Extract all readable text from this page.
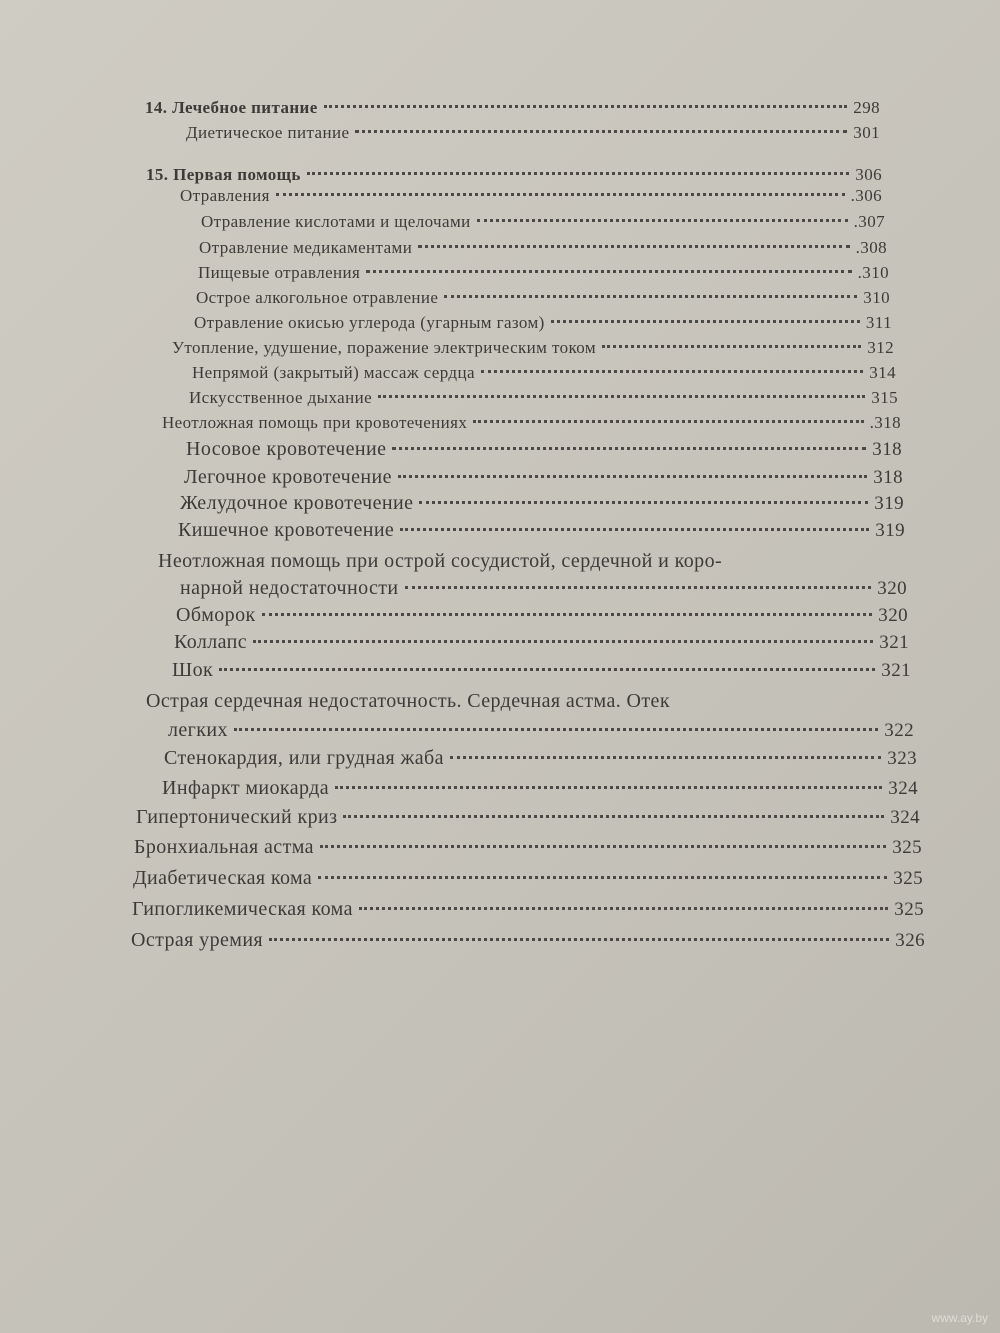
14. Лечебное питание	298
Диетическое питание	301
15. Первая помощь	306
Отравления	.306
Отравление кислотами и щелочами	.307
Отравление медикаментами	.308
Пищевые отравления	.310
Острое алкогольное отравление	310
Отравление окисью углерода (угарным газом)	311
Утопление, удушение, поражение электрическим током	312
Непрямой (закрытый) массаж сердца	314
Искусственное дыхание	315
Неотложная помощь при кровотечениях	.318
Носовое кровотечение	318
Легочное кровотечение	318
Желудочное кровотечение	319
Кишечное кровотечение	319
Неотложная помощь при острой сосудистой, сердечной и коро-
нарной недостаточности	320
Обморок	320
Коллапс	321
Шок	321
Острая сердечная недостаточность. Сердечная астма. Отек
легких	322
Стенокардия, или грудная жаба	323
Инфаркт миокарда	324
Гипертонический криз	324
Бронхиальная астма	325
Диабетическая кома	325
Гипогликемическая кома	325
Острая уремия	326
www.ay.by
